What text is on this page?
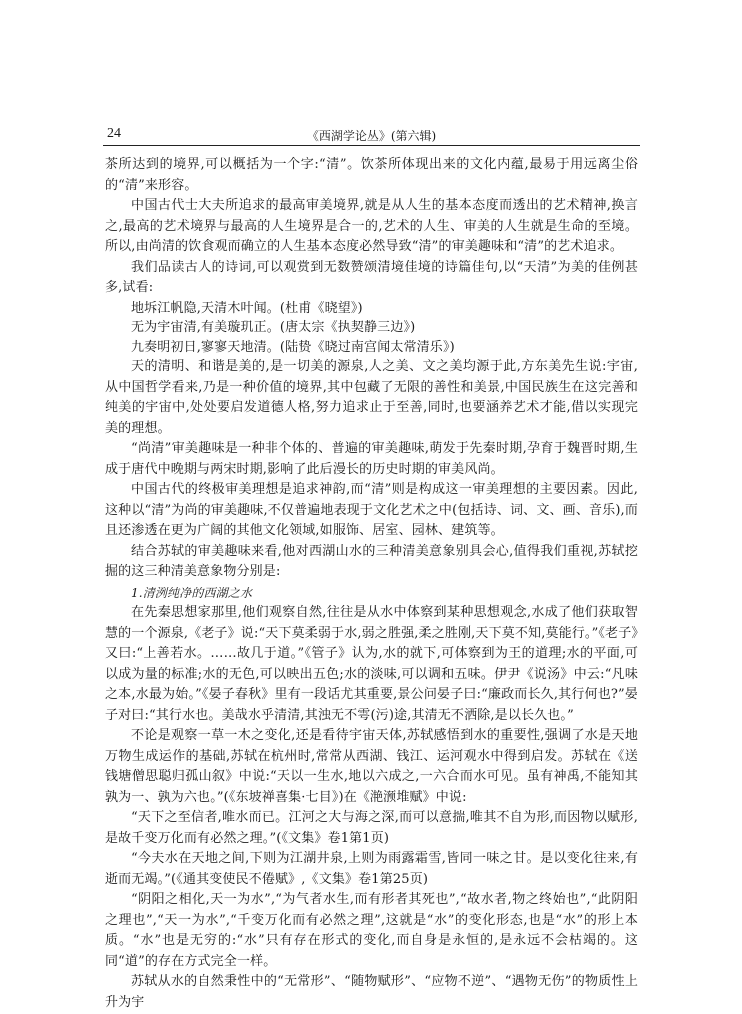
24	《西湖学论丛》(第六辑)

茶所达到的境界,可以概括为一个字:“清”。饮茶所体现出来的文化内蕴,最易于用远离尘俗的“清”来形容。

中国古代士大夫所追求的最高审美境界,就是从人生的基本态度而透出的艺术精神,换言之,最高的艺术境界与最高的人生境界是合一的,艺术的人生、审美的人生就是生命的至境。所以,由尚清的饮食观而确立的人生基本态度必然导致“清”的审美趣味和“清”的艺术追求。

我们品读古人的诗词,可以观赏到无数赞颂清境佳境的诗篇佳句,以“天清”为美的佳例甚多,试看:

地坼江帆隐,天清木叶闻。(杜甫《晓望》)

无为宇宙清,有美璇玑正。(唐太宗《执契静三边》)

九奏明初日,寥寥天地清。(陆贽《晓过南宫闻太常清乐》)

天的清明、和谐是美的,是一切美的源泉,人之美、文之美均源于此,方东美先生说:宇宙,从中国哲学看来,乃是一种价值的境界,其中包藏了无限的善性和美景,中国民族生在这完善和纯美的宇宙中,处处要启发道德人格,努力追求止于至善,同时,也要涵养艺术才能,借以实现完美的理想。

“尚清”审美趣味是一种非个体的、普遍的审美趣味,萌发于先秦时期,孕育于魏晋时期,生成于唐代中晚期与两宋时期,影响了此后漫长的历史时期的审美风尚。

中国古代的终极审美理想是追求神韵,而“清”则是构成这一审美理想的主要因素。因此,这种以“清”为尚的审美趣味,不仅普遍地表现于文化艺术之中(包括诗、词、文、画、音乐),而且还渗透在更为广阔的其他文化领域,如服饰、居室、园林、建筑等。

结合苏轼的审美趣味来看,他对西湖山水的三种清美意象别具会心,值得我们重视,苏轼挖掘的这三种清美意象物分别是:

1.清洌纯净的西湖之水

在先秦思想家那里,他们观察自然,往往是从水中体察到某种思想观念,水成了他们获取智慧的一个源泉,《老子》说:“天下莫柔弱于水,弱之胜强,柔之胜刚,天下莫不知,莫能行。”《老子》又曰:“上善若水。……故几于道。”《管子》认为,水的就下,可体察到为王的道理;水的平面,可以成为量的标准;水的无色,可以映出五色;水的淡味,可以调和五味。伊尹《说汤》中云:“凡味之本,水最为始。”《晏子春秋》里有一段话尤其重要,景公问晏子曰:“廉政而长久,其行何也?”晏子对曰:“其行水也。美哉水乎清清,其浊无不雩(污)途,其清无不洒除,是以长久也。”

不论是观察一草一木之变化,还是看待宇宙天体,苏轼感悟到水的重要性,强调了水是天地万物生成运作的基础,苏轼在杭州时,常常从西湖、钱江、运河观水中得到启发。苏轼在《送钱塘僧思聪归孤山叙》中说:“天以一生水,地以六成之,一六合而水可见。虽有神禹,不能知其孰为一、孰为六也。”(《东坡禅喜集·七目》)在《滟滪堆赋》中说:

“天下之至信者,唯水而已。江河之大与海之深,而可以意揣,唯其不自为形,而因物以赋形,是故千变万化而有必然之理。”(《文集》卷1第1页)

“今夫水在天地之间,下则为江湖井泉,上则为雨露霜雪,皆同一味之甘。是以变化往来,有逝而无竭。”(《通其变使民不倦赋》,《文集》卷1第25页)

“阴阳之相化,天一为水”,“为气者水生,而有形者其死也”,“故水者,物之终始也”,“此阴阳之理也”,“天一为水”,“千变万化而有必然之理”,这就是“水”的变化形态,也是“水”的形上本质。“水”也是无穷的:“水”只有存在形式的变化,而自身是永恒的,是永远不会枯竭的。这同“道”的存在方式完全一样。

苏轼从水的自然秉性中的“无常形”、“随物赋形”、“应物不逆”、“遇物无伤”的物质性上升为宇
